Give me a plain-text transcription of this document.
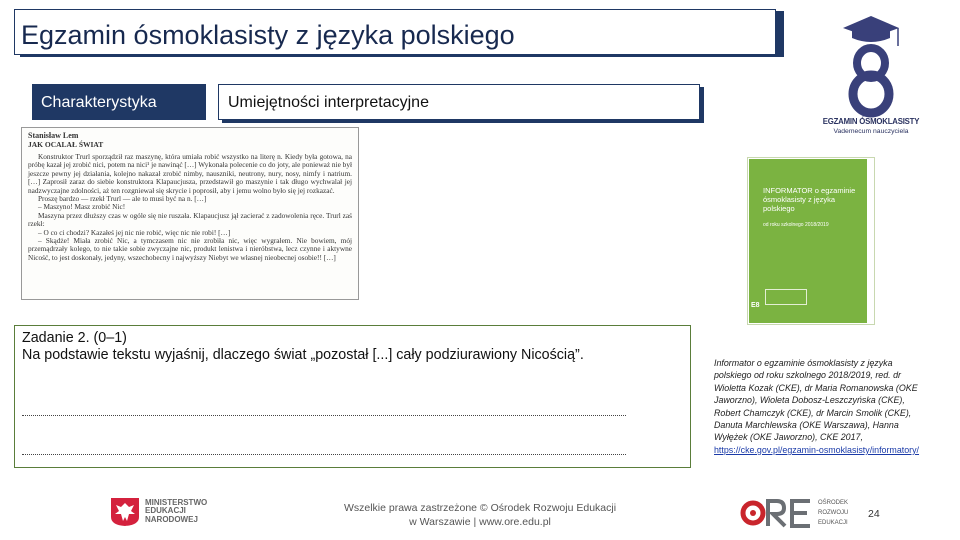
Egzamin ósmoklasisty z języka polskiego
Charakterystyka	Umiejętności interpretacyjne
Stanisław Lem
JAK OCALAŁ ŚWIAT

Konstruktor Trurl sporządził raz maszynę, która umiała robić wszystko na literę n. Kiedy była gotowa, na próbę kazał jej zrobić nici, potem na nici¹ je nawinąć […] Wykonała polecenie co do joty, ale ponieważ nie był jeszcze pewny jej działania, kolejno nakazał zrobić nimby, nauszniki, neutrony, nury, nosy, nimfy i natrium. […] Zaprosił zaraz do siebie konstruktora Klapaucjusza, przedstawił go maszynie i tak długo wychwalał jej nadzwyczajne zdolności, aż ten rozgniewał się skrycie i poprosił, aby i jemu wolno było się jej rozkazać.

Proszę bardzo — rzekł Trurl — ale to musi być na n. […]

– Maszyno! Masz zrobić Nic!

Maszyna przez dłuższy czas w ogóle się nie ruszała. Klapaucjusz jął zacierać z zadowolenia ręce. Trurl zaś rzekł:

– O co ci chodzi? Kazałeś jej nic nie robić, więc nic nie robi! […]

– Skądże! Miała zrobić Nic, a tymczasem nic nie zrobiła nic, więc wygrałem. Nie bowiem, mój przemądrzały kolego, to nie takie sobie zwyczajne nic, produkt lenistwa i nieróbstwa, lecz czynne i aktywne Nicość, to jest doskonały, jedyny, wszechobecny i najwyższy Niebyt we własnej nieobecnej osobie!! […]

Zadanie 2. (0–1)

Na podstawie tekstu wyjaśnij, dlaczego świat „pozostał [...] cały podziurawiony Nicością”.

EGZAMIN ÓSMOKLASISTY
Vademecum nauczyciela
INFORMATOR o egzaminie ósmoklasisty z języka polskiego
od roku szkolnego 2018/2019
E8
Informator o egzaminie ósmoklasisty z języka polskiego od roku szkolnego 2018/2019, red. dr Wioletta Kozak (CKE), dr Maria Romanowska (OKE Jaworzno), Wioleta Dobosz-Leszczyńska (CKE), Robert Chamczyk (CKE), dr Marcin Smolik (CKE), Danuta Marchlewska (OKE Warszawa), Hanna Wyłężek (OKE Jaworzno), CKE 2017, https://cke.gov.pl/egzamin-osmoklasisty/informatory/
MINISTERSTWO
EDUKACJI
NARODOWEJ
Wszelkie prawa zastrzeżone © Ośrodek Rozwoju Edukacji
w Warszawie | www.ore.edu.pl
OŚRODEK
ROZWOJU
EDUKACJI
24
